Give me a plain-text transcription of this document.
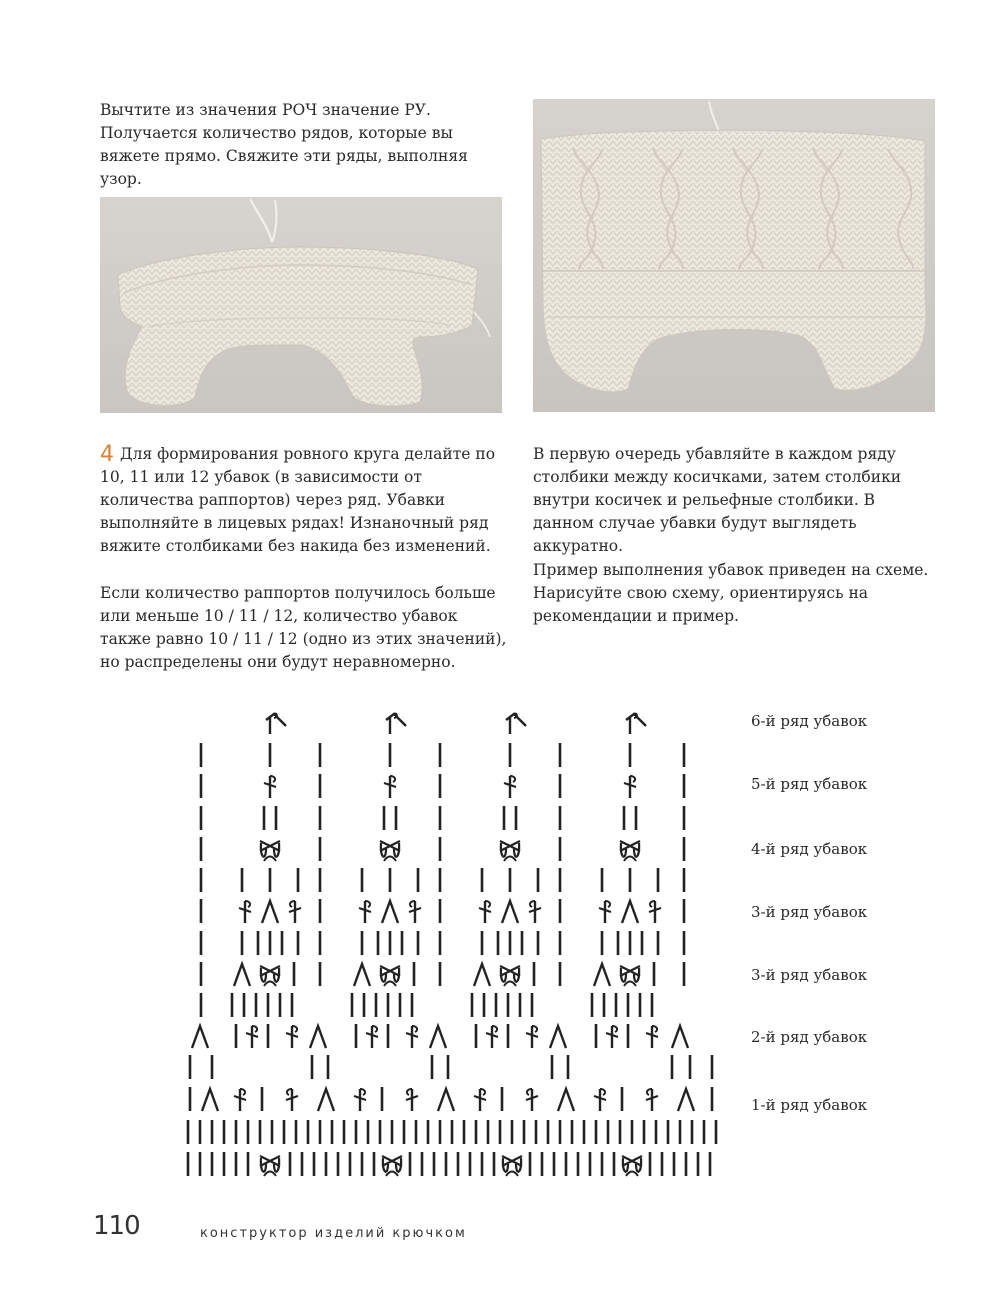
Вычтите из значения РОЧ значение РУ. Получается количество рядов, которые вы вяжете прямо. Свяжите эти ряды, выполняя узор.

4 Для формирования ровного круга делайте по 10, 11 или 12 убавок (в зависимости от количества раппортов) через ряд. Убавки выполняйте в лицевых рядах! Изнаночный ряд вяжите столбиками без накида без изменений.

Если количество раппортов получилось больше или меньше 10 / 11 / 12, количество убавок также равно 10 / 11 / 12 (одно из этих значений), но распределены они будут неравномерно.

В первую очередь убавляйте в каждом ряду столбики между косичками, затем столбики внутри косичек и рельефные столбики. В данном случае убавки будут выглядеть аккуратно.

Пример выполнения убавок приведен на схеме. Нарисуйте свою схему, ориентируясь на рекомендации и пример.

6-й ряд убавок
5-й ряд убавок
4-й ряд убавок
3-й ряд убавок
3-й ряд убавок
2-й ряд убавок
1-й ряд убавок
110	конструктор изделий крючком
